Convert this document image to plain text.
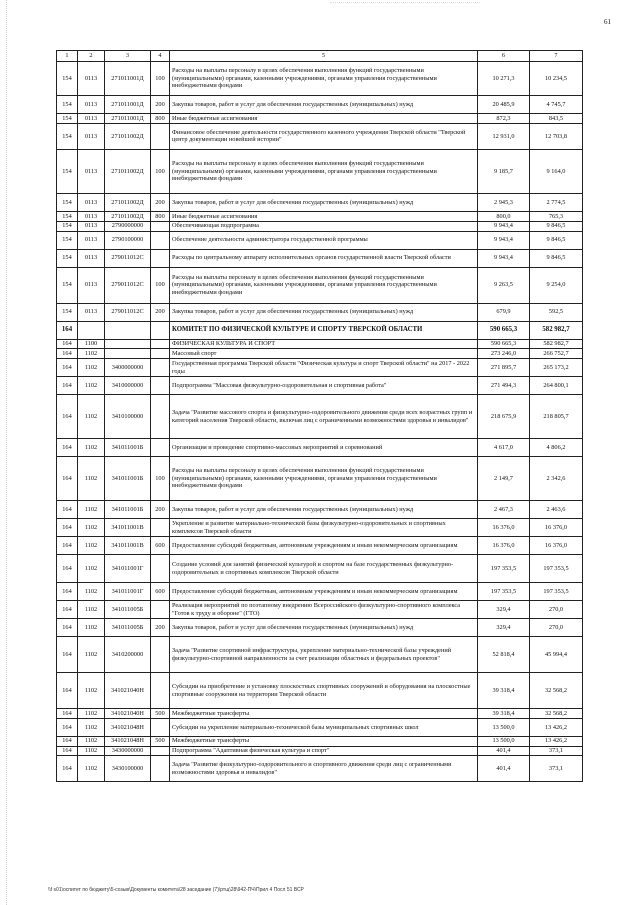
61
1	2	3	4	5	6	7
154	0113	271011001Д	100	Расходы на выплаты персоналу в целях обеспечения выполнения функций государственными (муниципальными) органами, казенными учреждениями, органами управления государственными внебюджетными фондами	10 271,3	10 234,5
154	0113	271011001Д	200	Закупка товаров, работ и услуг для обеспечения государственных (муниципальных) нужд	20 485,9	4 745,7
154	0113	271011001Д	800	Иные бюджетные ассигнования	872,3	843,5
154	0113	271011002Д		Финансовое обеспечение деятельности государственного казенного учреждения Тверской области "Тверской центр документации новейшей истории"	12 931,0	12 703,8
154	0113	271011002Д	100	Расходы на выплаты персоналу в целях обеспечения выполнения функций государственными (муниципальными) органами, казенными учреждениями, органами управления государственными внебюджетными фондами	9 185,7	9 164,0
154	0113	271011002Д	200	Закупка товаров, работ и услуг для обеспечения государственных (муниципальных) нужд	2 945,3	2 774,5
154	0113	271011002Д	800	Иные бюджетные ассигнования	800,0	765,3
154	0113	2790000000		Обеспечивающая подпрограмма	9 943,4	9 846,5
154	0113	2790100000		Обеспечение деятельности администратора государственной программы	9 943,4	9 846,5
154	0113	279011012С		Расходы по центральному аппарату исполнительных органов государственной власти Тверской области	9 943,4	9 846,5
154	0113	279011012С	100	Расходы на выплаты персоналу в целях обеспечения выполнения функций государственными (муниципальными) органами, казенными учреждениями, органами управления государственными внебюджетными фондами	9 263,5	9 254,0
154	0113	279011012С	200	Закупка товаров, работ и услуг для обеспечения государственных (муниципальных) нужд	679,9	592,5
164				КОМИТЕТ ПО ФИЗИЧЕСКОЙ КУЛЬТУРЕ И СПОРТУ ТВЕРСКОЙ ОБЛАСТИ	590 665,3	582 982,7
164	1100			ФИЗИЧЕСКАЯ КУЛЬТУРА И СПОРТ	590 665,3	582 982,7
164	1102			Массовый спорт	273 246,0	266 752,7
164	1102	3400000000		Государственная программа Тверской области "Физическая культура и спорт Тверской области" на 2017 - 2022 годы	271 895,7	265 173,2
164	1102	3410000000		Подпрограмма "Массовая физкультурно-оздоровительная и спортивная работа"	271 494,3	264 800,1
164	1102	3410100000		Задача "Развитие массового спорта и физкультурно-оздоровительного движения среди всех возрастных групп и категорий населения Тверской области, включая лиц с ограниченными возможностями здоровья и инвалидов"	218 675,9	218 805,7
164	1102	341011001Б		Организация и проведение спортивно-массовых мероприятий и соревнований	4 617,0	4 806,2
164	1102	341011001Б	100	Расходы на выплаты персоналу в целях обеспечения выполнения функций государственными (муниципальными) органами, казенными учреждениями, органами управления государственными внебюджетными фондами	2 149,7	2 342,6
164	1102	341011001Б	200	Закупка товаров, работ и услуг для обеспечения государственных (муниципальных) нужд	2 467,3	2 463,6
164	1102	341011001В		Укрепление и развитие материально-технической базы физкультурно-оздоровительных и спортивных комплексов Тверской области	16 376,0	16 376,0
164	1102	341011001В	600	Предоставление субсидий бюджетным, автономным учреждениям и иным некоммерческим организациям	16 376,0	16 376,0
164	1102	341011001Г		Создание условий для занятий физической культурой и спортом на базе государственных физкультурно-оздоровительных и спортивных комплексов Тверской области	197 353,5	197 353,5
164	1102	341011001Г	600	Предоставление субсидий бюджетным, автономным учреждениям и иным некоммерческим организациям	197 353,5	197 353,5
164	1102	341011005Б		Реализация мероприятий по поэтапному внедрению Всероссийского физкультурно-спортивного комплекса "Готов к труду и обороне" (ГТО)	329,4	270,0
164	1102	341011005Б	200	Закупка товаров, работ и услуг для обеспечения государственных (муниципальных) нужд	329,4	270,0
164	1102	3410200000		Задача "Развитие спортивной инфраструктуры, укрепление материально-технической базы учреждений физкультурно-спортивной направленности за счет реализации областных и федеральных проектов"	52 818,4	45 994,4
164	1102	341021040Н		Субсидии на приобретение и установку плоскостных спортивных сооружений и оборудования на плоскостные спортивные сооружения на территории Тверской области	39 318,4	32 568,2
164	1102	341021040Н	500	Межбюджетные трансферты	39 318,4	32 568,2
164	1102	341021048Н		Субсидии на укрепление материально-технической базы муниципальных спортивных школ	13 500,0	13 426,2
164	1102	341021048Н	500	Межбюджетные трансферты	13 500,0	13 426,2
164	1102	3430000000		Подпрограмма "Адаптивная физическая культура и спорт"	401,4	373,1
164	1102	3430100000		Задача "Развитие физкультурно-оздоровительного и спортивного движения среди лиц с ограниченными возможностями здоровья и инвалидов"	401,4	373,1
\\f s01\оспитет по бюджету\5-созыв\Документы комитета\28 заседание (7)\ртщ\28\942-ПЧ\Прил 4 Посл 51 ВСР
